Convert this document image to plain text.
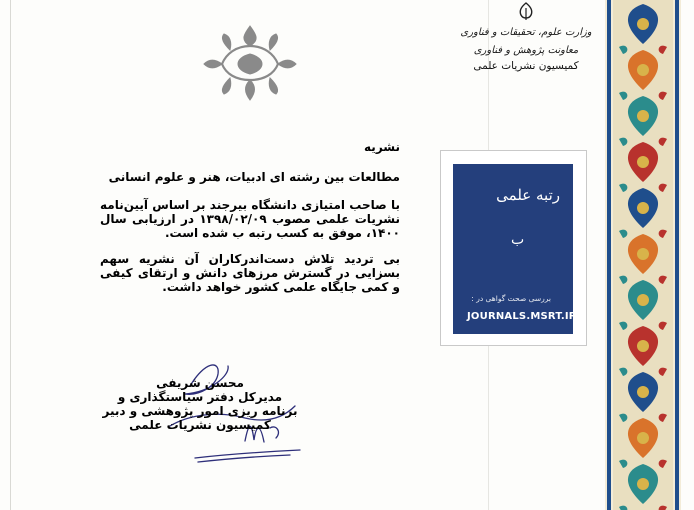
وزارت علوم، تحقیقات و فناوری
معاونت پژوهش و فناوری
کمیسیون نشریات علمی
نشریه
مطالعات بین رشته ای ادبیات، هنر و علوم انسانی
با صاحب امتیازی دانشگاه بیرجند بر اساس آیین‌نامه نشریات علمی مصوب ۱۳۹۸/۰۲/۰۹ در ارزیابی سال ۱۴۰۰، موفق به کسب رتبه ب شده است.
بی تردید تلاش دست‌اندرکاران آن نشریه سهم بسزایی در گسترش مرزهای دانش و ارتقای کیفی و کمی جایگاه علمی کشور خواهد داشت.
محسن شریفی
مدیرکل دفتر سیاستگذاری و برنامه ریزی امور پژوهشی و دبیر کمیسیون نشریات علمی
رتبه علمی
ب
بررسی صحت گواهی در :
JOURNALS.MSRT.IR
